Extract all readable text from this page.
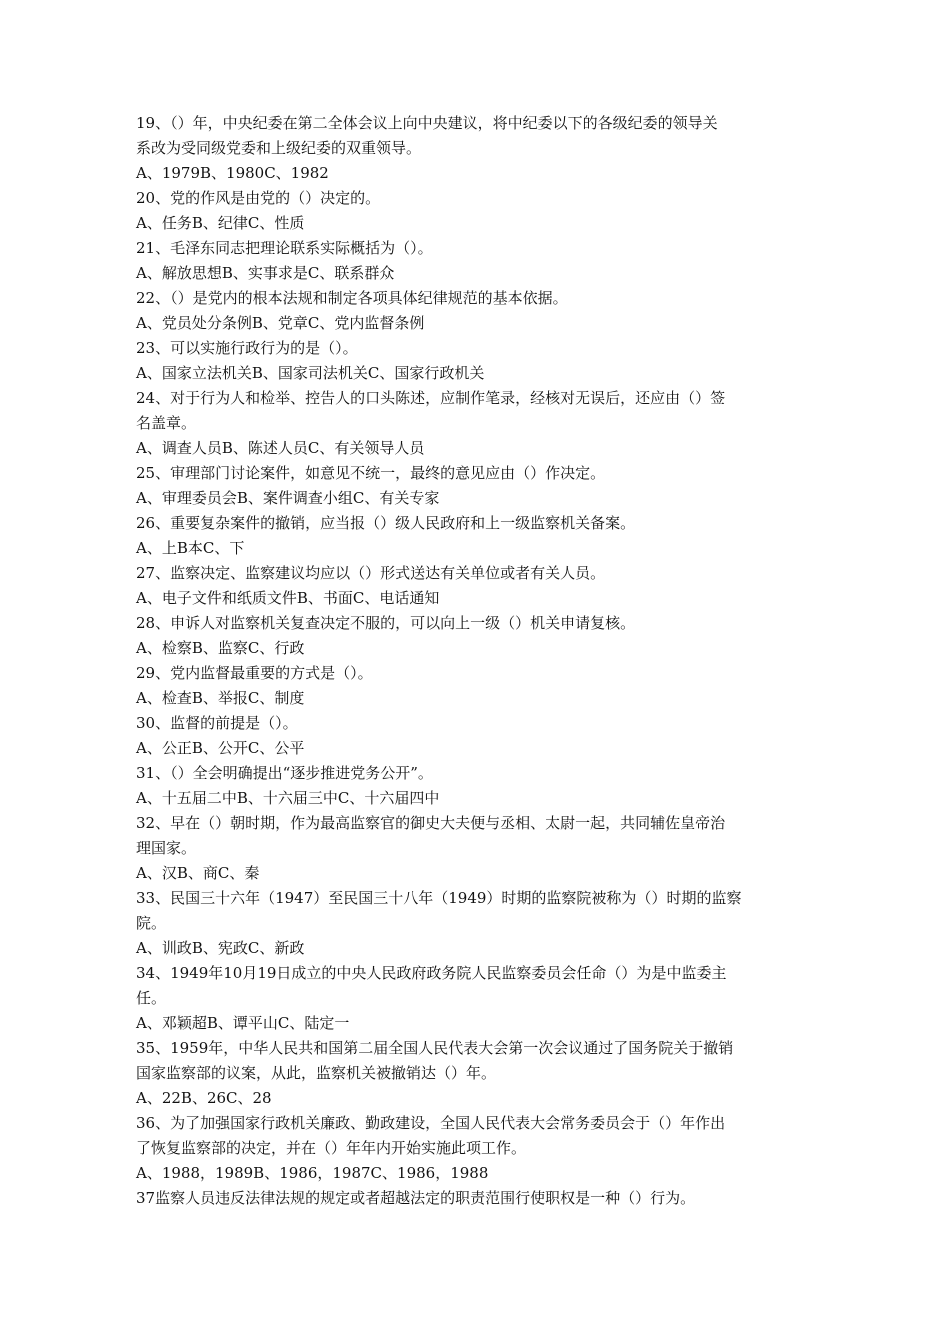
19、（）年，中央纪委在第二全体会议上向中央建议，将中纪委以下的各级纪委的领导关
系改为受同级党委和上级纪委的双重领导。
A、1979B、1980C、1982
20、党的作风是由党的（）决定的。
A、任务B、纪律C、性质
21、毛泽东同志把理论联系实际概括为（）。
A、解放思想B、实事求是C、联系群众
22、（）是党内的根本法规和制定各项具体纪律规范的基本依据。
A、党员处分条例B、党章C、党内监督条例
23、可以实施行政行为的是（）。
A、国家立法机关B、国家司法机关C、国家行政机关
24、对于行为人和检举、控告人的口头陈述，应制作笔录，经核对无误后，还应由（）签
名盖章。
A、调查人员B、陈述人员C、有关领导人员
25、审理部门讨论案件，如意见不统一，最终的意见应由（）作决定。
A、审理委员会B、案件调查小组C、有关专家
26、重要复杂案件的撤销，应当报（）级人民政府和上一级监察机关备案。
A、上B本C、下
27、监察决定、监察建议均应以（）形式送达有关单位或者有关人员。
A、电子文件和纸质文件B、书面C、电话通知
28、申诉人对监察机关复查决定不服的，可以向上一级（）机关申请复核。
A、检察B、监察C、行政
29、党内监督最重要的方式是（）。
A、检查B、举报C、制度
30、监督的前提是（）。
A、公正B、公开C、公平
31、（）全会明确提出“逐步推进党务公开”。
A、十五届二中B、十六届三中C、十六届四中
32、早在（）朝时期，作为最高监察官的御史大夫便与丞相、太尉一起，共同辅佐皇帝治
理国家。
A、汉B、商C、秦
33、民国三十六年（1947）至民国三十八年（1949）时期的监察院被称为（）时期的监察
院。
A、训政B、宪政C、新政
34、1949年10月19日成立的中央人民政府政务院人民监察委员会任命（）为是中监委主
任。
A、邓颖超B、谭平山C、陆定一
35、1959年，中华人民共和国第二届全国人民代表大会第一次会议通过了国务院关于撤销
国家监察部的议案，从此，监察机关被撤销达（）年。
A、22B、26C、28
36、为了加强国家行政机关廉政、勤政建设，全国人民代表大会常务委员会于（）年作出
了恢复监察部的决定，并在（）年年内开始实施此项工作。
A、1988，1989B、1986，1987C、1986，1988
37监察人员违反法律法规的规定或者超越法定的职责范围行使职权是一种（）行为。
